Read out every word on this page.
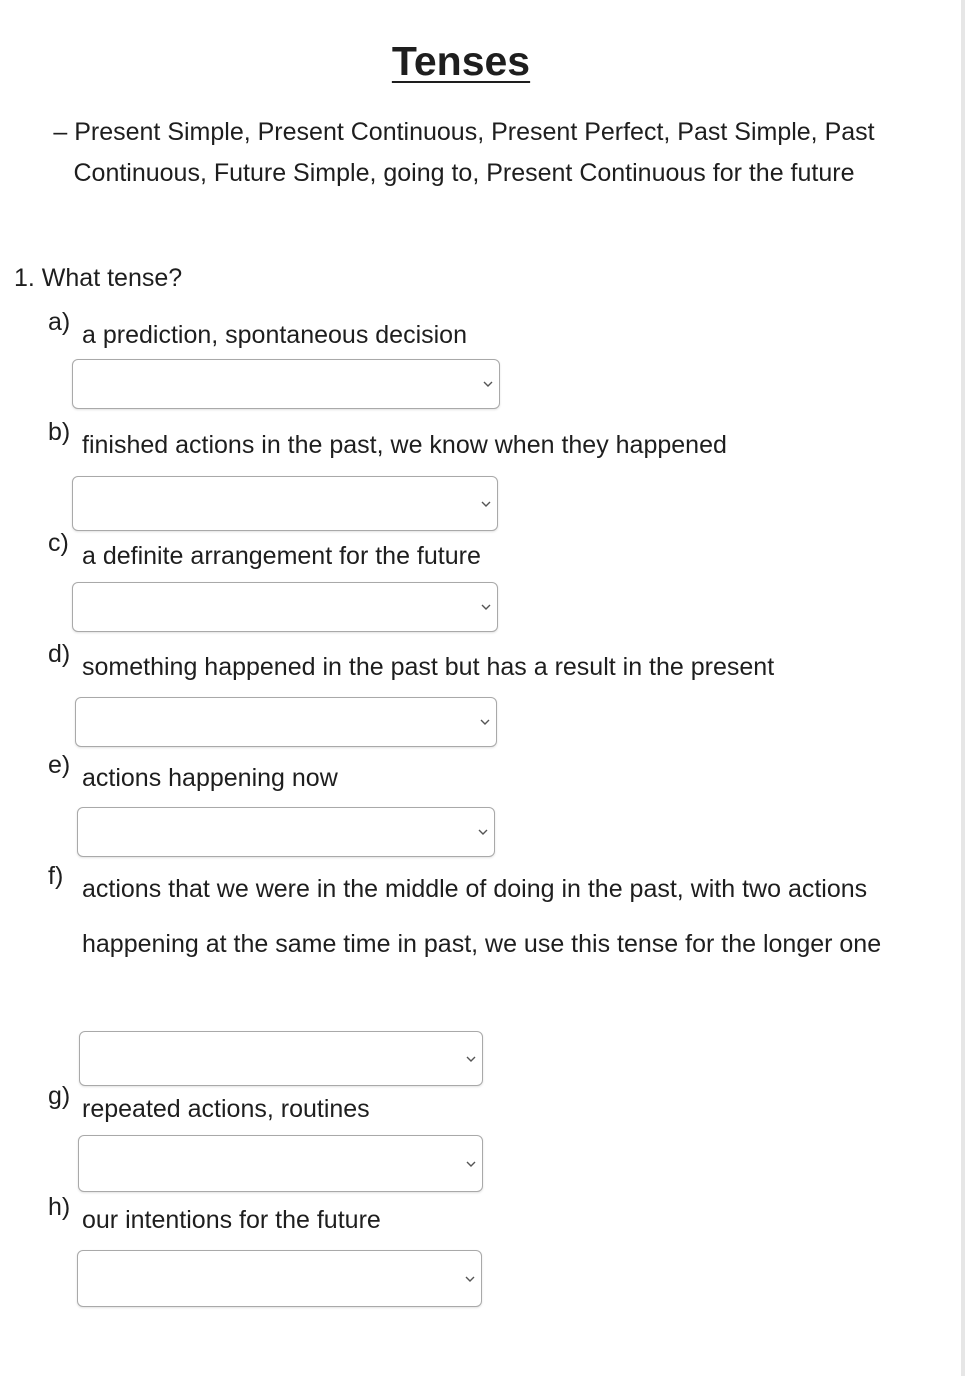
Tenses

– Present Simple, Present Continuous, Present Perfect, Past Simple, Past Continuous, Future Simple, going to, Present Continuous for the future

1. What tense?

a) a prediction, spontaneous decision
b) finished actions in the past, we know when they happened
c) a definite arrangement for the future
d) something happened in the past but has a result in the present
e) actions happening now
f) actions that we were in the middle of doing in the past, with two actions happening at the same time in past, we use this tense for the longer one
g) repeated actions, routines
h) our intentions for the future
